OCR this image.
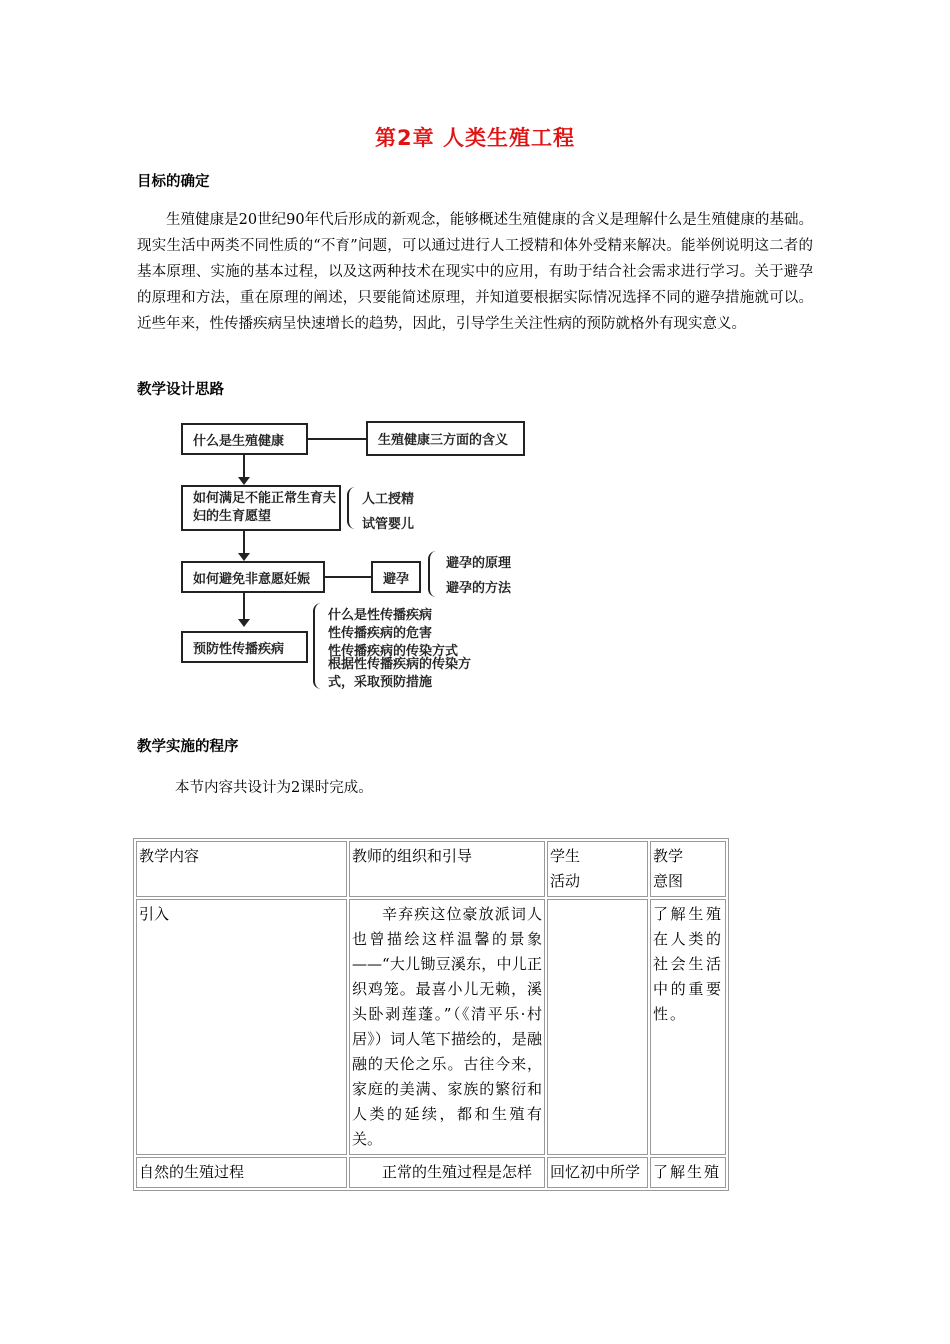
第2章 人类生殖工程
目标的确定

生殖健康是20世纪90年代后形成的新观念，能够概述生殖健康的含义是理解什么是生殖健康的基础。现实生活中两类不同性质的“不育”问题，可以通过进行人工授精和体外受精来解决。能举例说明这二者的基本原理、实施的基本过程，以及这两种技术在现实中的应用，有助于结合社会需求进行学习。关于避孕的原理和方法，重在原理的阐述，只要能简述原理，并知道要根据实际情况选择不同的避孕措施就可以。近些年来，性传播疾病呈快速增长的趋势，因此，引导学生关注性病的预防就格外有现实意义。

教学设计思路
什么是生殖健康	生殖健康三方面的含义
如何满足不能正常生育夫妇的生育愿望
人工授精
试管婴儿
如何避免非意愿妊娠	避孕
避孕的原理
避孕的方法
预防性传播疾病
什么是性传播疾病
性传播疾病的危害
性传播疾病的传染方式
根据性传播疾病的传染方式，采取预防措施
教学实施的程序
本节内容共设计为2课时完成。
教学内容	教师的组织和引导	学生活动	教学意图

引入	辛弃疾这位豪放派词人也曾描绘这样温馨的景象——“大儿锄豆溪东，中儿正织鸡笼。最喜小儿无赖，溪头卧剥莲蓬。”（《清平乐·村居》）词人笔下描绘的，是融融的天伦之乐。古往今来，家庭的美满、家族的繁衍和人类的延续，都和生殖有关。		了解生殖在人类的社会生活中的重要性。
自然的生殖过程	正常的生殖过程是怎样	回忆初中所学	了解生殖
